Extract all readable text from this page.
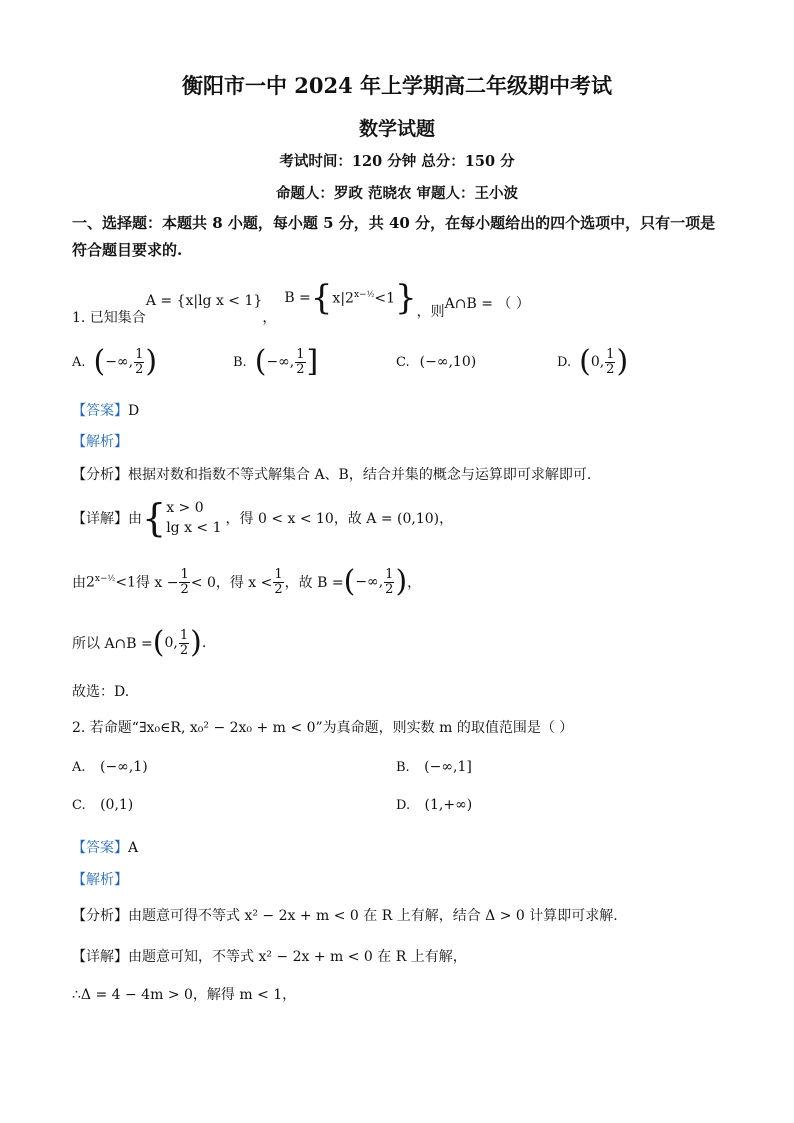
衡阳市一中 2024 年上学期高二年级期中考试
数学试题
考试时间：120 分钟 总分：150 分
命题人：罗政 范晓农 审题人：王小波
一、选择题：本题共 8 小题，每小题 5 分，共 40 分，在每小题给出的四个选项中，只有一项是符合题目要求的.
1. 已知集合
A = {x|lg x < 1}
，
B = { $x|2^{x-\frac{1}{2}}<1$ } ，则 A∩B = （ ）
A. ( −∞, $\frac{1}{2}$ )	B. ( −∞, $\frac{1}{2}$ ]	C. (−∞,10)	D. ( 0, $\frac{1}{2}$ )
【答案】D
【解析】
【分析】根据对数和指数不等式解集合 A、B，结合并集的概念与运算即可求解即可.
【详解】 由 { x > 0
lg x < 1
，得 0 < x < 10，故 A = (0,10)，
由 $2^{x-\frac{1}{2}}<1$ 得 $x - \frac{1}{2} < 0$，得 $x < \frac{1}{2}$ ，故 B = ( −∞, $\frac{1}{2}$ ) ，
所以 A∩B = ( 0, $\frac{1}{2}$ ) .
故选：D.
2. 若命题“∃x₀∈R, x₀² − 2x₀ + m < 0”为真命题，则实数 m 的取值范围是（ ）
A. (−∞,1)	B. (−∞,1]
C. (0,1)	D. (1,+∞)
【答案】A
【解析】
【分析】由题意可得不等式 x² − 2x + m < 0 在 R 上有解，结合 Δ > 0 计算即可求解.
【详解】由题意可知，不等式 x² − 2x + m < 0 在 R 上有解，
∴Δ = 4 − 4m > 0，解得 m < 1，
